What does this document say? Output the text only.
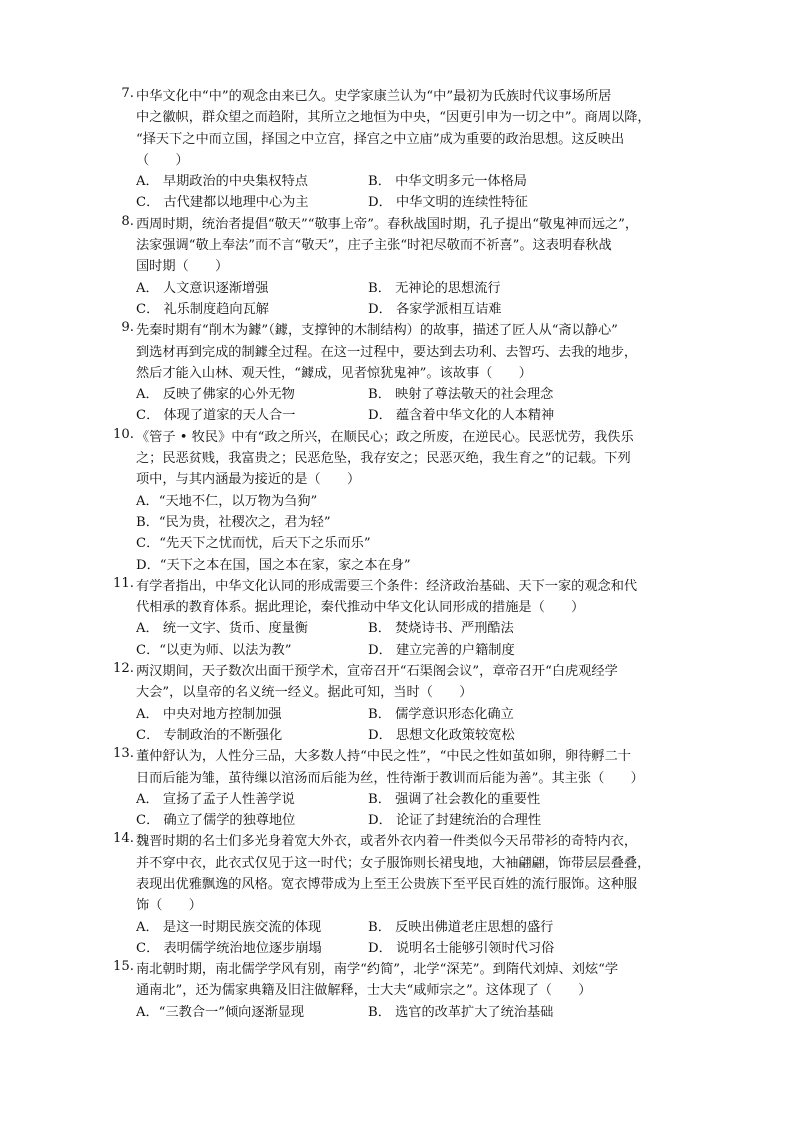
7. 中华文化中“中”的观念由来已久。史学家康兰认为“中”最初为氏族时代议事场所居
中之徽帜，群众望之而趋附，其所立之地恒为中央，“因更引申为一切之中”。商周以降，
“择天下之中而立国，择国之中立宫，择宫之中立庙”成为重要的政治思想。这反映出
（　　）
A． 早期政治的中央集权特点	B． 中华文明多元一体格局
C． 古代建都以地理中心为主	D． 中华文明的连续性特征
8. 西周时期，统治者提倡“敬天”“敬事上帝”。春秋战国时期，孔子提出“敬鬼神而远之”，
法家强调“敬上奉法”而不言“敬天”，庄子主张“时祀尽敬而不祈喜”。这表明春秋战
国时期（　　）
A． 人文意识逐渐增强	B． 无神论的思想流行
C． 礼乐制度趋向瓦解	D． 各家学派相互诘难
9. 先秦时期有“削木为鐻”（鐻，支撑钟的木制结构）的故事，描述了匠人从“斋以静心”
到选材再到完成的制鐻全过程。在这一过程中，要达到去功利、去智巧、去我的地步，
然后才能入山林、观天性，“鐻成，见者惊犹鬼神”。该故事（　　）
A． 反映了佛家的心外无物	B． 映射了尊法敬天的社会理念
C． 体现了道家的天人合一	D． 蕴含着中华文化的人本精神
10. 《管子 • 牧民》中有“政之所兴，在顺民心；政之所废，在逆民心。民恶忧劳，我佚乐
之；民恶贫贱，我富贵之；民恶危坠，我存安之；民恶灭绝，我生育之”的记载。下列
项中，与其内涵最为接近的是（　　）
A．“天地不仁，以万物为刍狗”
B．“民为贵，社稷次之，君为轻”
C．“先天下之忧而忧，后天下之乐而乐”
D．“天下之本在国，国之本在家，家之本在身”
11. 有学者指出，中华文化认同的形成需要三个条件：经济政治基础、天下一家的观念和代
代相承的教育体系。据此理论，秦代推动中华文化认同形成的措施是（　　）
A． 统一文字、货币、度量衡	B． 焚烧诗书、严刑酷法
C．“以吏为师、以法为教”	D． 建立完善的户籍制度
12. 两汉期间，天子数次出面干预学术，宣帝召开“石渠阁会议”，章帝召开“白虎观经学
大会”，以皇帝的名义统一经义。据此可知，当时（　　）
A． 中央对地方控制加强	B． 儒学意识形态化确立
C． 专制政治的不断强化	D． 思想文化政策较宽松
13. 董仲舒认为，人性分三品，大多数人持“中民之性”，“中民之性如茧如卵，卵待孵二十
日而后能为雏，茧待缫以涫汤而后能为丝，性待渐于教训而后能为善”。其主张（　　）
A． 宣扬了孟子人性善学说	B． 强调了社会教化的重要性
C． 确立了儒学的独尊地位	D． 论证了封建统治的合理性
14. 魏晋时期的名士们多光身着宽大外衣，或者外衣内着一件类似今天吊带衫的奇特内衣，
并不穿中衣，此衣式仅见于这一时代；女子服饰则长裙曳地，大袖翩翩，饰带层层叠叠，
表现出优雅飘逸的风格。宽衣博带成为上至王公贵族下至平民百姓的流行服饰。这种服
饰（　　）
A． 是这一时期民族交流的体现	B． 反映出佛道老庄思想的盛行
C． 表明儒学统治地位逐步崩塌	D． 说明名士能够引领时代习俗
15. 南北朝时期，南北儒学学风有别，南学“约简”，北学“深芜”。到隋代刘焯、刘炫“学
通南北”，还为儒家典籍及旧注做解释，士大夫“咸师宗之”。这体现了（　　）
A．“三教合一”倾向逐渐显现	B． 选官的改革扩大了统治基础
